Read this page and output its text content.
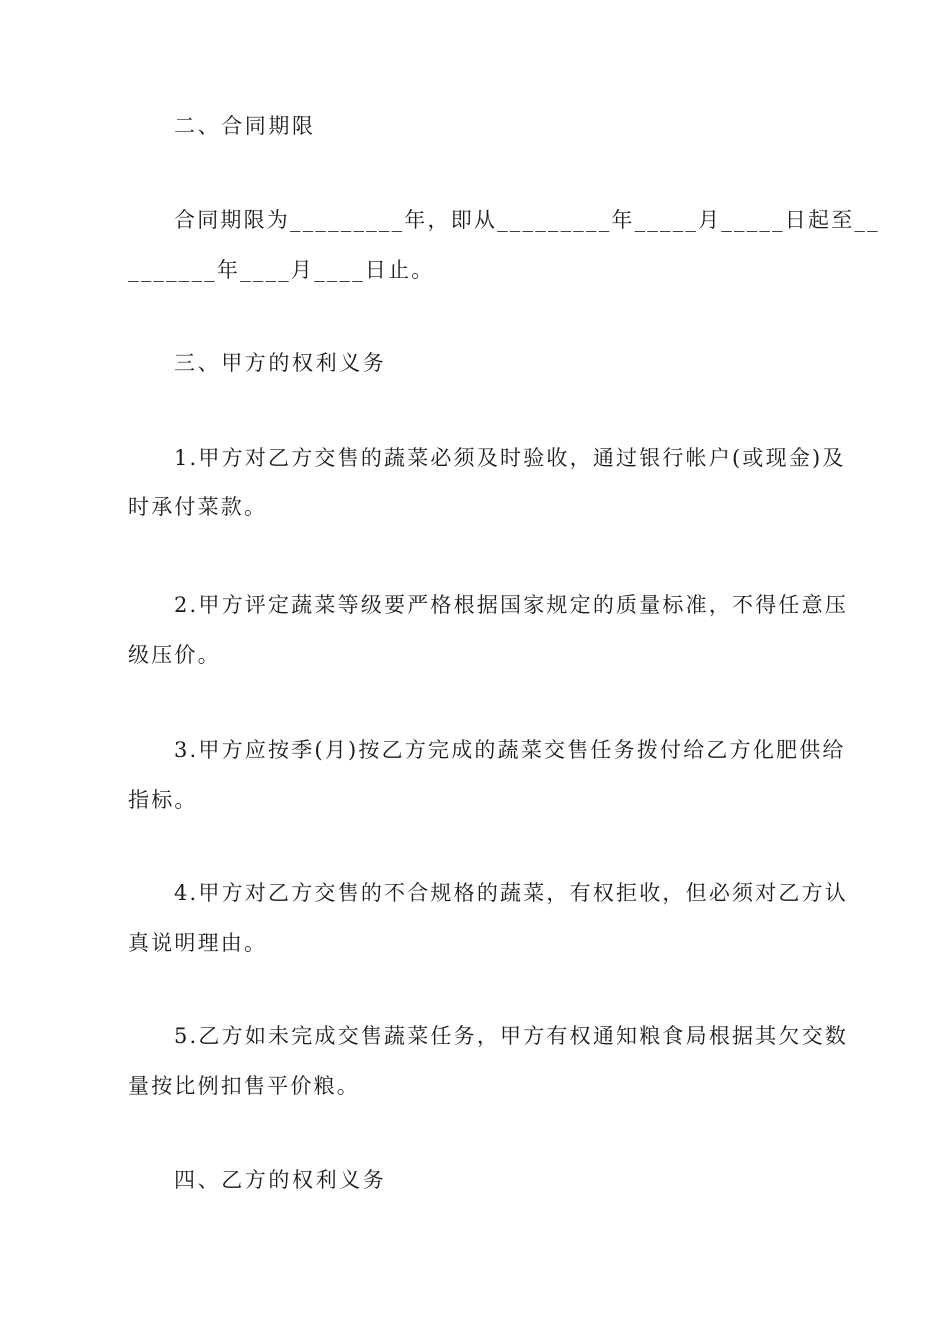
二、合同期限
合同期限为_________年，即从_________年_____月_____日起至__
_______年____月____日止。
三、甲方的权利义务
1.甲方对乙方交售的蔬菜必须及时验收，通过银行帐户(或现金)及
时承付菜款。
2.甲方评定蔬菜等级要严格根据国家规定的质量标准，不得任意压
级压价。
3.甲方应按季(月)按乙方完成的蔬菜交售任务拨付给乙方化肥供给
指标。
4.甲方对乙方交售的不合规格的蔬菜，有权拒收，但必须对乙方认
真说明理由。
5.乙方如未完成交售蔬菜任务，甲方有权通知粮食局根据其欠交数
量按比例扣售平价粮。
四、乙方的权利义务
